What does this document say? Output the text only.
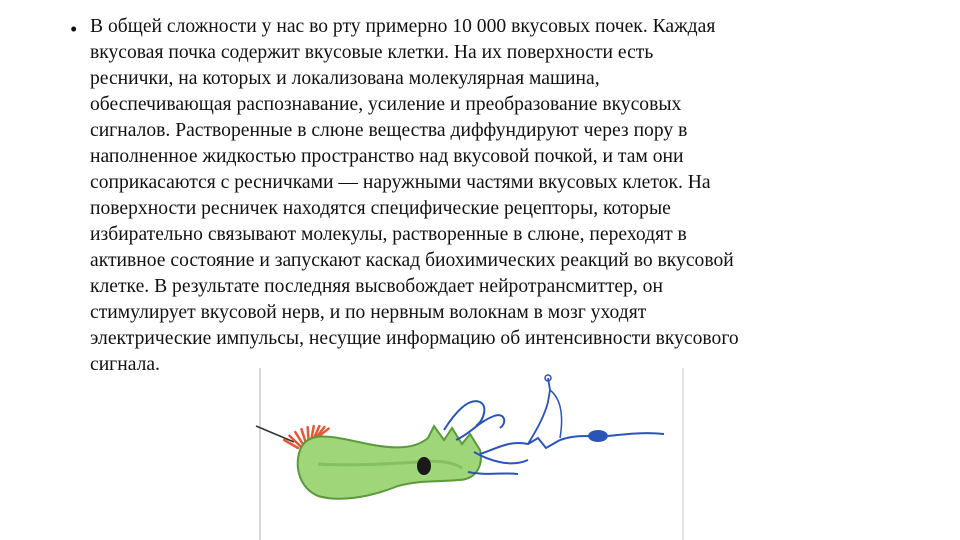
• В общей сложности у нас во рту примерно 10 000 вкусовых почек. Каждая
вкусовая почка содержит вкусовые клетки. На их поверхности есть
реснички, на которых и локализована молекулярная машина,
обеспечивающая распознавание, усиление и преобразование вкусовых
сигналов. Растворенные в слюне вещества диффундируют через пору в
наполненное жидкостью пространство над вкусовой почкой, и там они
соприкасаются с ресничками — наружными частями вкусовых клеток. На
поверхности ресничек находятся специфические рецепторы, которые
избирательно связывают молекулы, растворенные в слюне, переходят в
активное состояние и запускают каскад биохимических реакций во вкусовой
клетке. В результате последняя высвобождает нейротрансмиттер, он
стимулирует вкусовой нерв, и по нервным волокнам в мозг уходят
электрические импульсы, несущие информацию об интенсивности вкусового
сигнала.
